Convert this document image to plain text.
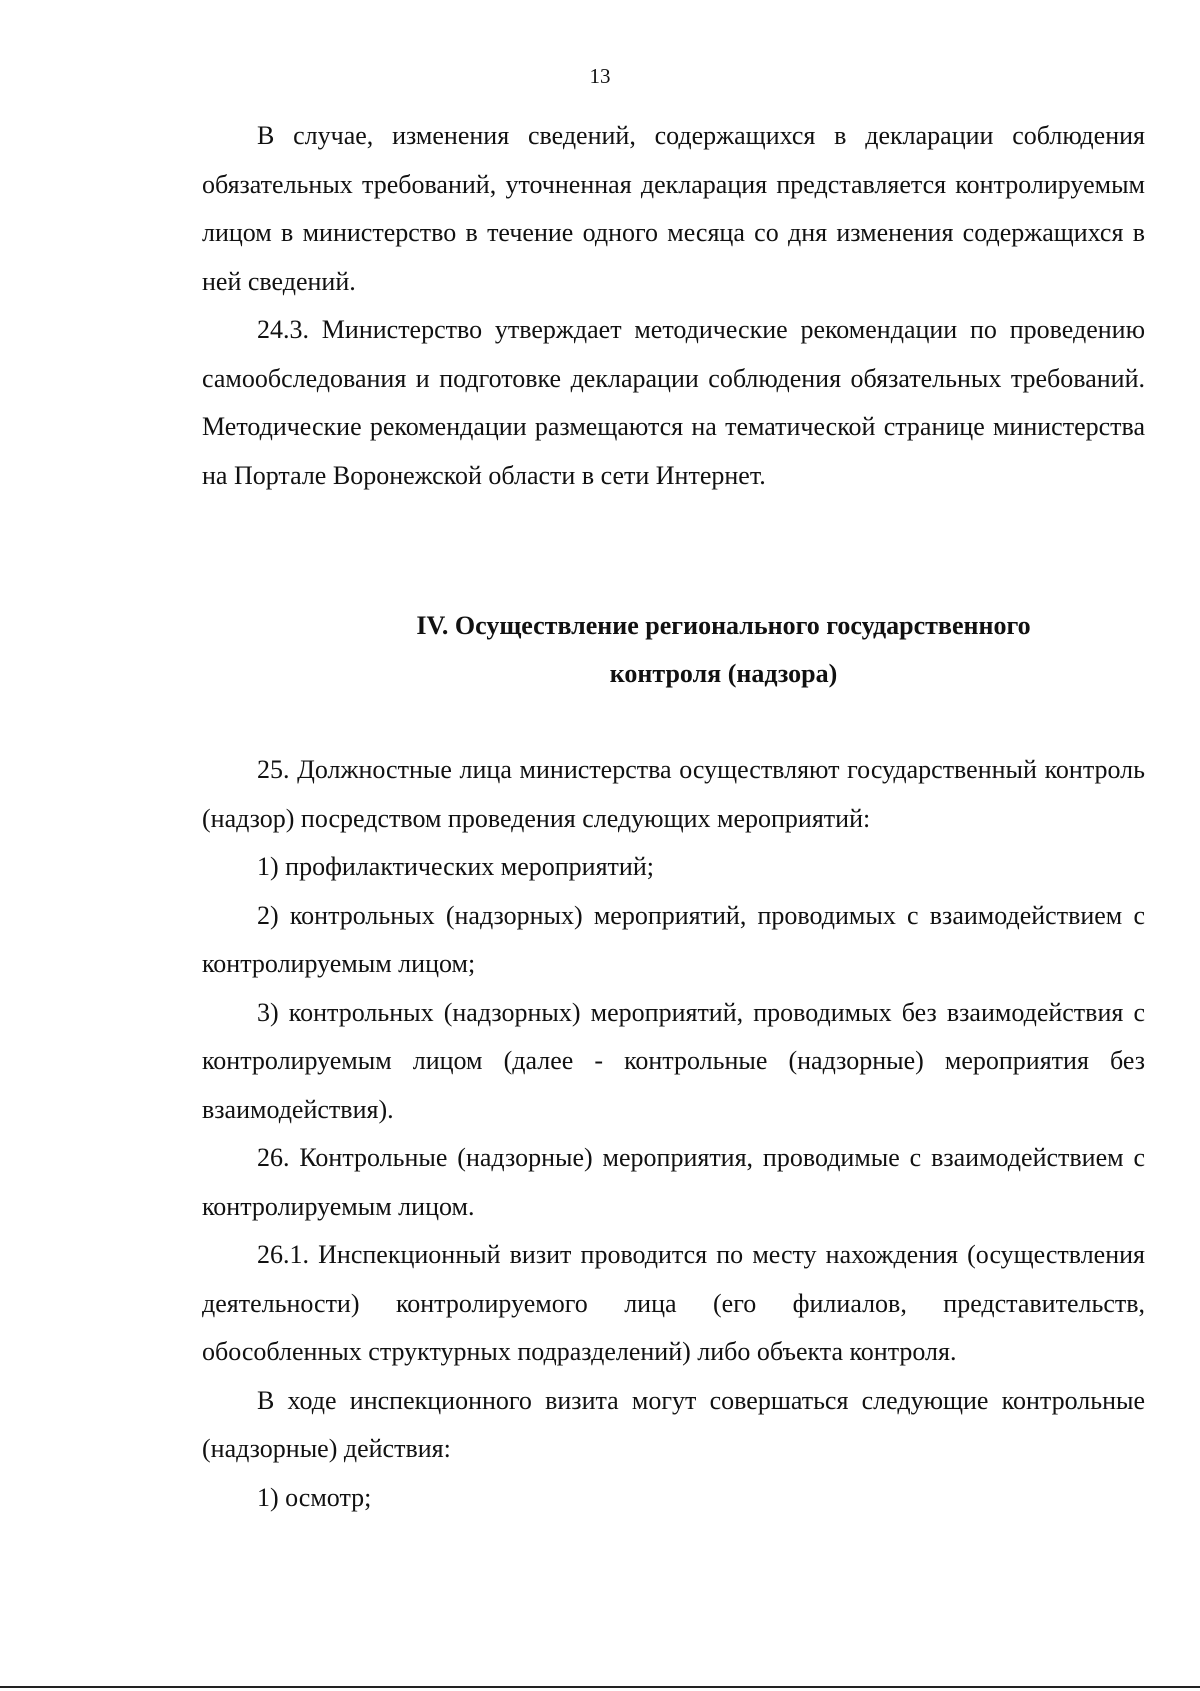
13

В случае, изменения сведений, содержащихся в декларации соблюдения обязательных требований, уточненная декларация представляется контролируемым лицом в министерство в течение одного месяца со дня изменения содержащихся в ней сведений.

24.3. Министерство утверждает методические рекомендации по проведению самообследования и подготовке декларации соблюдения обязательных требований. Методические рекомендации размещаются на тематической странице министерства на Портале Воронежской области в сети Интернет.

IV. Осуществление регионального государственного
контроля (надзора)

25. Должностные лица министерства осуществляют государственный контроль (надзор) посредством проведения следующих мероприятий:

1) профилактических мероприятий;

2) контрольных (надзорных) мероприятий, проводимых с взаимодействием с контролируемым лицом;

3) контрольных (надзорных) мероприятий, проводимых без взаимодействия с контролируемым лицом (далее - контрольные (надзорные) мероприятия без взаимодействия).

26. Контрольные (надзорные) мероприятия, проводимые с взаимодействием с контролируемым лицом.

26.1. Инспекционный визит проводится по месту нахождения (осуществления деятельности) контролируемого лица (его филиалов, представительств, обособленных структурных подразделений) либо объекта контроля.

В ходе инспекционного визита могут совершаться следующие контрольные (надзорные) действия:

1) осмотр;
